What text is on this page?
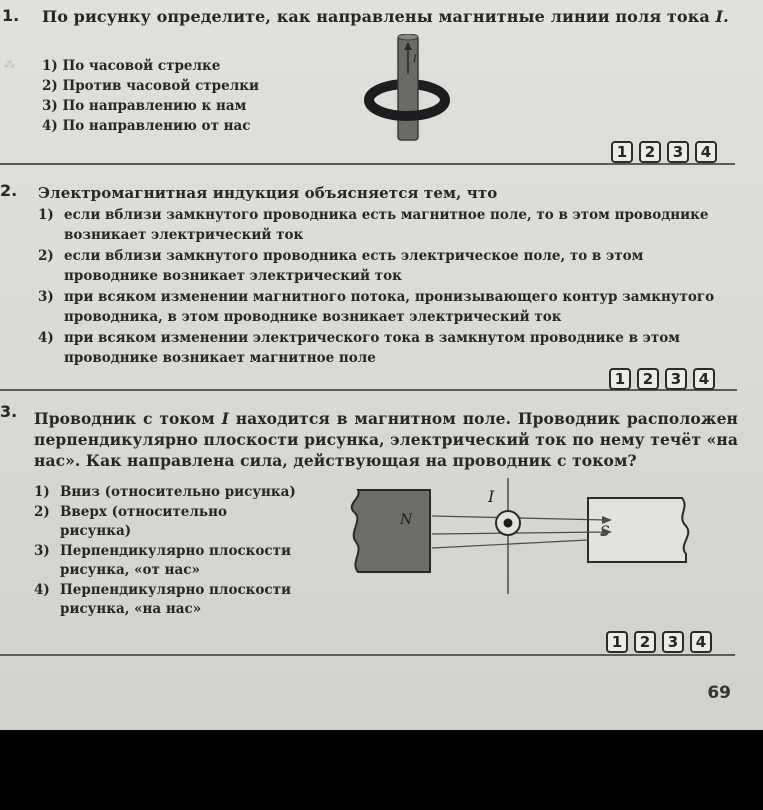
⁂
1. По рисунку определите, как направлены магнитные линии поля тока I.
1) По часовой стрелке
2) Против часовой стрелки
3) По направлению к нам
4) По направлению от нас
I
1	2	3	4
2. Электромагнитная индукция объясняется тем, что
1) если вблизи замкнутого проводника есть магнитное поле, то в этом проводнике возникает электрический ток
2) если вблизи замкнутого проводника есть электрическое поле, то в этом проводнике возникает электрический ток
3) при всяком изменении магнитного потока, пронизывающего контур замкнутого проводника, в этом проводнике возникает электрический ток
4) при всяком изменении электрического тока в замкнутом проводнике в этом проводнике возникает магнитное поле
1	2	3	4
3. Проводник с током I находится в магнитном поле. Проводник расположен перпендикулярно плоскости рисунка, электрический ток по нему течёт «на нас». Как направлена сила, действующая на проводник с током?
1) Вниз (относительно рисунка)
2) Вверх (относительно рисунка)
3) Перпендикулярно плоскости рисунка, «от нас»
4) Перпендикулярно плоскости рисунка, «на нас»
N
I
1	2	3	4
69
